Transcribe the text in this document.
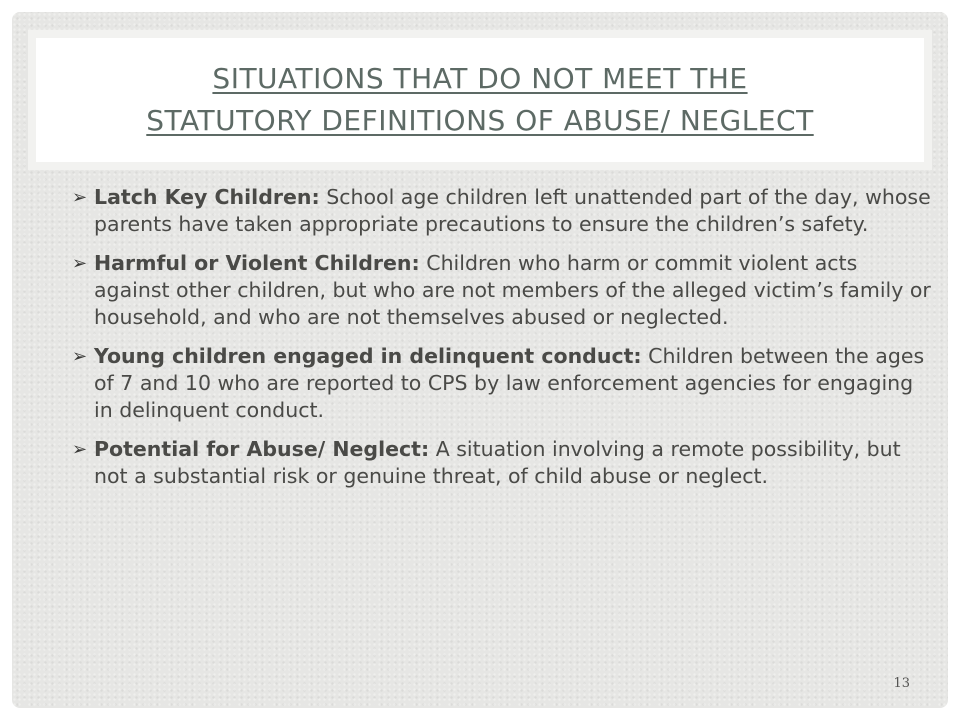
SITUATIONS THAT DO NOT MEET THE
STATUTORY DEFINITIONS OF ABUSE/ NEGLECT
➢ Latch Key Children: School age children left unattended part of the day, whose parents have taken appropriate precautions to ensure the children’s safety.
➢ Harmful or Violent Children: Children who harm or commit violent acts against other children, but who are not members of the alleged victim’s family or household, and who are not themselves abused or neglected.
➢ Young children engaged in delinquent conduct: Children between the ages of 7 and 10 who are reported to CPS by law enforcement agencies for engaging in delinquent conduct.
➢ Potential for Abuse/ Neglect: A situation involving a remote possibility, but not a substantial risk or genuine threat, of child abuse or neglect.
13
